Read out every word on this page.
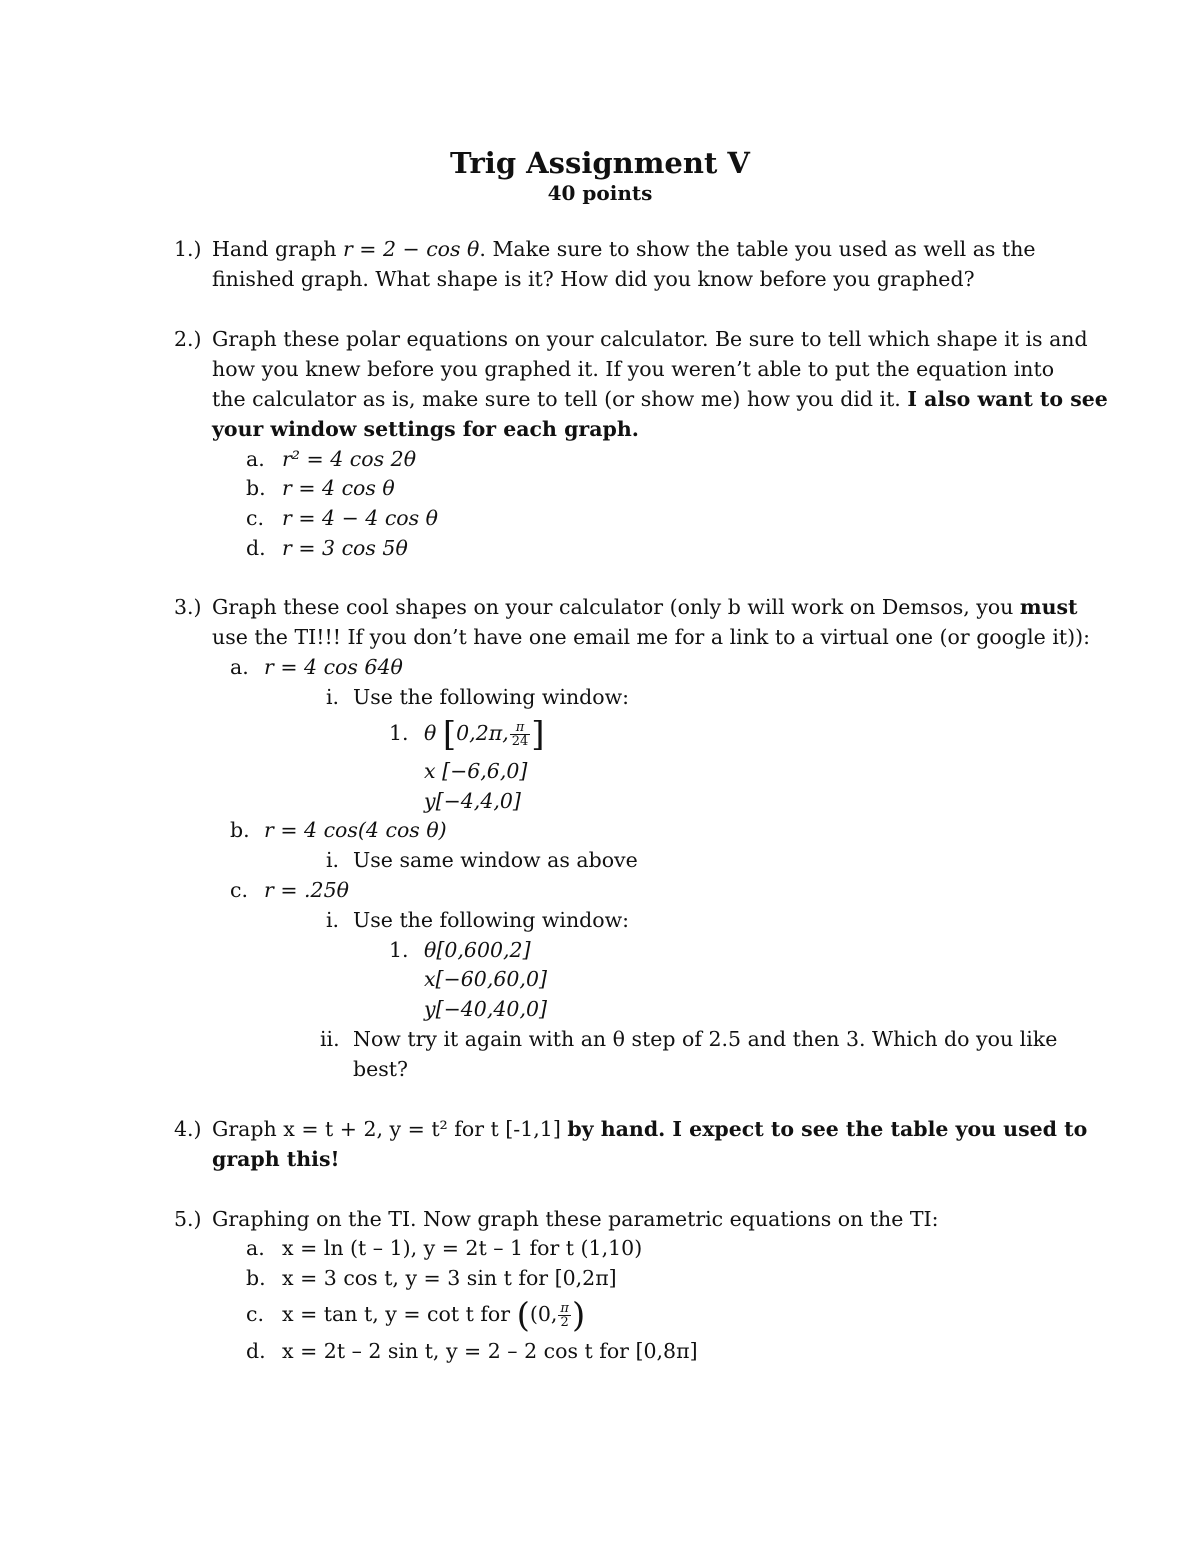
Trig Assignment V
40 points
1.) Hand graph r = 2 − cos θ. Make sure to show the table you used as well as the
finished graph. What shape is it? How did you know before you graphed?
2.) Graph these polar equations on your calculator. Be sure to tell which shape it is and
how you knew before you graphed it. If you weren’t able to put the equation into
the calculator as is, make sure to tell (or show me) how you did it. I also want to see
your window settings for each graph.
a. r² = 4 cos 2θ
b. r = 4 cos θ
c. r = 4 − 4 cos θ
d. r = 3 cos 5θ
3.) Graph these cool shapes on your calculator (only b will work on Demsos, you must
use the TI!!! If you don’t have one email me for a link to a virtual one (or google it)):
a. r = 4 cos 64θ
i. Use the following window:
1. θ [0,2π, $\frac{\pi}{24}$ ]
x [−6,6,0]
y[−4,4,0]
b. r = 4 cos(4 cos θ)
i. Use same window as above
c. r = .25θ
i. Use the following window:
1. θ[0,600,2]
x[−60,60,0]
y[−40,40,0]
ii. Now try it again with an θ step of 2.5 and then 3. Which do you like
best?
4.) Graph x = t + 2, y = t² for t [-1,1] by hand. I expect to see the table you used to
graph this!
5.) Graphing on the TI. Now graph these parametric equations on the TI:
a. x = ln (t – 1), y = 2t – 1 for t (1,10)
b. x = 3 cos t, y = 3 sin t for [0,2π]
c. x = tan t, y = cot t for ((0, $\frac{\pi}{2}$ )
d. x = 2t – 2 sin t, y = 2 – 2 cos t for [0,8π]
